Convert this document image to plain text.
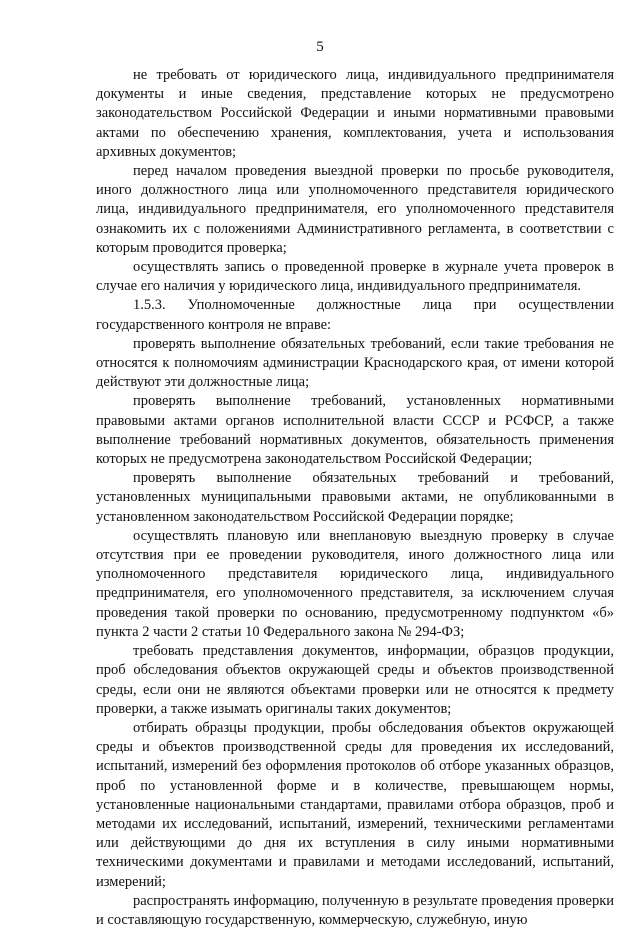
5

не требовать от юридического лица, индивидуального предпринимателя документы и иные сведения, представление которых не предусмотрено законодательством Российской Федерации и иными нормативными правовыми актами по обеспечению хранения, комплектования, учета и использования архивных документов;

перед началом проведения выездной проверки по просьбе руководителя, иного должностного лица или уполномоченного представителя юридического лица, индивидуального предпринимателя, его уполномоченного представителя ознакомить их с положениями Административного регламента, в соответствии с которым проводится проверка;

осуществлять запись о проведенной проверке в журнале учета проверок в случае его наличия у юридического лица, индивидуального предпринимателя.

1.5.3. Уполномоченные должностные лица при осуществлении государственного контроля не вправе:

проверять выполнение обязательных требований, если такие требования не относятся к полномочиям администрации Краснодарского края, от имени которой действуют эти должностные лица;

проверять выполнение требований, установленных нормативными правовыми актами органов исполнительной власти СССР и РСФСР, а также выполнение требований нормативных документов, обязательность применения которых не предусмотрена законодательством Российской Федерации;

проверять выполнение обязательных требований и требований, установленных муниципальными правовыми актами, не опубликованными в установленном законодательством Российской Федерации порядке;

осуществлять плановую или внеплановую выездную проверку в случае отсутствия при ее проведении руководителя, иного должностного лица или уполномоченного представителя юридического лица, индивидуального предпринимателя, его уполномоченного представителя, за исключением случая проведения такой проверки по основанию, предусмотренному подпунктом «б» пункта 2 части 2 статьи 10 Федерального закона № 294-ФЗ;

требовать представления документов, информации, образцов продукции, проб обследования объектов окружающей среды и объектов производственной среды, если они не являются объектами проверки или не относятся к предмету проверки, а также изымать оригиналы таких документов;

отбирать образцы продукции, пробы обследования объектов окружающей среды и объектов производственной среды для проведения их исследований, испытаний, измерений без оформления протоколов об отборе указанных образцов, проб по установленной форме и в количестве, превышающем нормы, установленные национальными стандартами, правилами отбора образцов, проб и методами их исследований, испытаний, измерений, техническими регламентами или действующими до дня их вступления в силу иными нормативными техническими документами и правилами и методами исследований, испытаний, измерений;

распространять информацию, полученную в результате проведения проверки и составляющую государственную, коммерческую, служебную, иную
